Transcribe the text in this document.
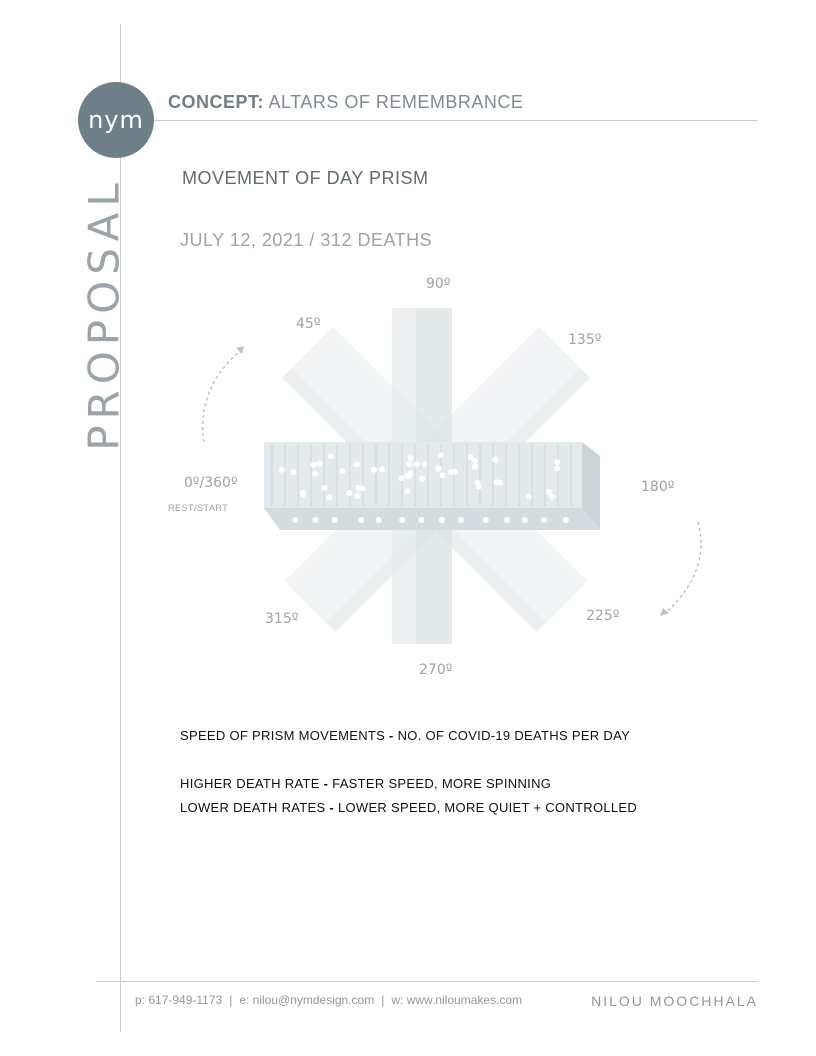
nym
PROPOSAL
CONCEPT: ALTARS OF REMEMBRANCE
MOVEMENT OF DAY PRISM
JULY 12, 2021 / 312 DEATHS
90º
45º
135º
0º/360º
REST/START
180º
315º	225º
270º
SPEED OF PRISM MOVEMENTS - NO. OF COVID-19 DEATHS PER DAY
HIGHER DEATH RATE - FASTER SPEED, MORE SPINNING
LOWER DEATH RATES - LOWER SPEED, MORE QUIET + CONTROLLED
p: 617-949-1173 | e: nilou@nymdesign.com | w: www.niloumakes.com	NILOU MOOCHHALA
